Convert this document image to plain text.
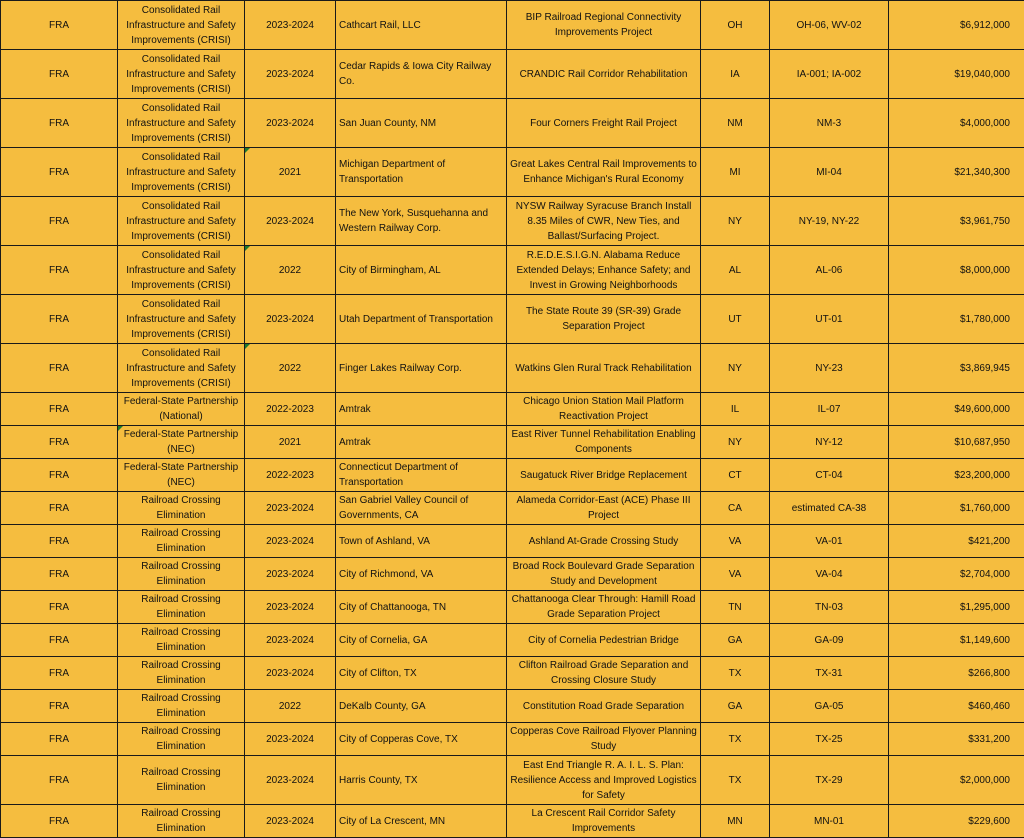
FRA	Consolidated Rail Infrastructure and Safety Improvements (CRISI)	2023-2024	Cathcart Rail, LLC	BIP Railroad Regional Connectivity Improvements Project	OH	OH-06, WV-02	$6,912,000
FRA	Consolidated Rail Infrastructure and Safety Improvements (CRISI)	2023-2024	Cedar Rapids & Iowa City Railway Co.	CRANDIC Rail Corridor Rehabilitation	IA	IA-001; IA-002	$19,040,000
FRA	Consolidated Rail Infrastructure and Safety Improvements (CRISI)	2023-2024	San Juan County, NM	Four Corners Freight Rail Project	NM	NM-3	$4,000,000
FRA	Consolidated Rail Infrastructure and Safety Improvements (CRISI)	2021	Michigan Department of Transportation	Great Lakes Central Rail Improvements to Enhance Michigan's Rural Economy	MI	MI-04	$21,340,300
FRA	Consolidated Rail Infrastructure and Safety Improvements (CRISI)	2023-2024	The New York, Susquehanna and Western Railway Corp.	NYSW Railway Syracuse Branch Install 8.35 Miles of CWR, New Ties, and Ballast/Surfacing Project.	NY	NY-19, NY-22	$3,961,750
FRA	Consolidated Rail Infrastructure and Safety Improvements (CRISI)	2022	City of Birmingham, AL	R.E.D.E.S.I.G.N. Alabama Reduce Extended Delays; Enhance Safety; and Invest in Growing Neighborhoods	AL	AL-06	$8,000,000
FRA	Consolidated Rail Infrastructure and Safety Improvements (CRISI)	2023-2024	Utah Department of Transportation	The State Route 39 (SR-39) Grade Separation Project	UT	UT-01	$1,780,000
FRA	Consolidated Rail Infrastructure and Safety Improvements (CRISI)	2022	Finger Lakes Railway Corp.	Watkins Glen Rural Track Rehabilitation	NY	NY-23	$3,869,945
FRA	Federal-State Partnership (National)	2022-2023	Amtrak	Chicago Union Station Mail Platform Reactivation Project	IL	IL-07	$49,600,000
FRA	Federal-State Partnership (NEC)	2021	Amtrak	East River Tunnel Rehabilitation Enabling Components	NY	NY-12	$10,687,950
FRA	Federal-State Partnership (NEC)	2022-2023	Connecticut Department of Transportation	Saugatuck River Bridge Replacement	CT	CT-04	$23,200,000
FRA	Railroad Crossing Elimination	2023-2024	San Gabriel Valley Council of Governments, CA	Alameda Corridor-East (ACE) Phase III Project	CA	estimated CA-38	$1,760,000
FRA	Railroad Crossing Elimination	2023-2024	Town of Ashland, VA	Ashland At-Grade Crossing Study	VA	VA-01	$421,200
FRA	Railroad Crossing Elimination	2023-2024	City of Richmond, VA	Broad Rock Boulevard Grade Separation Study and Development	VA	VA-04	$2,704,000
FRA	Railroad Crossing Elimination	2023-2024	City of Chattanooga, TN	Chattanooga Clear Through: Hamill Road Grade Separation Project	TN	TN-03	$1,295,000
FRA	Railroad Crossing Elimination	2023-2024	City of Cornelia, GA	City of Cornelia Pedestrian Bridge	GA	GA-09	$1,149,600
FRA	Railroad Crossing Elimination	2023-2024	City of Clifton, TX	Clifton Railroad Grade Separation and Crossing Closure Study	TX	TX-31	$266,800
FRA	Railroad Crossing Elimination	2022	DeKalb County, GA	Constitution Road Grade Separation	GA	GA-05	$460,460
FRA	Railroad Crossing Elimination	2023-2024	City of Copperas Cove, TX	Copperas Cove Railroad Flyover Planning Study	TX	TX-25	$331,200
FRA	Railroad Crossing Elimination	2023-2024	Harris County, TX	East End Triangle R. A. I. L. S. Plan: Resilience Access and Improved Logistics for Safety	TX	TX-29	$2,000,000
FRA	Railroad Crossing Elimination	2023-2024	City of La Crescent, MN	La Crescent Rail Corridor Safety Improvements	MN	MN-01	$229,600
